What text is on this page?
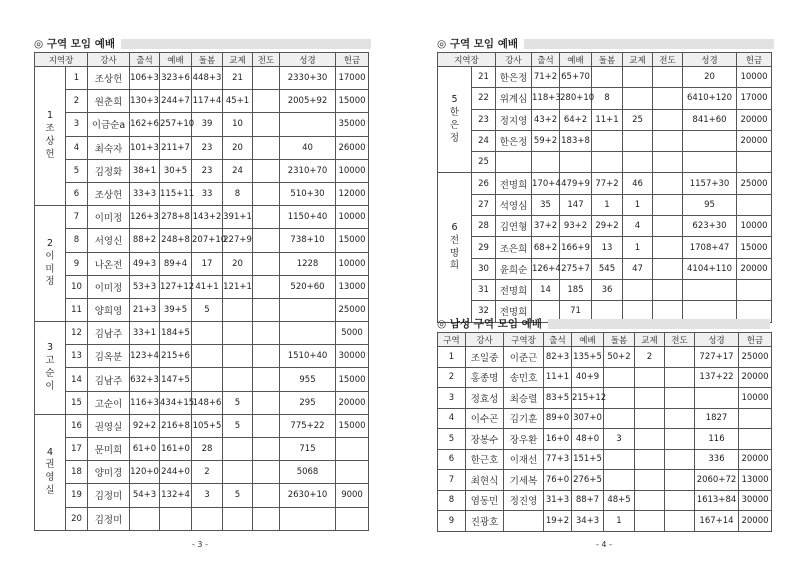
◎ 구역 모임 예배
지역장		강사	출석	예배	돌봄	교제	전도	성경	헌금

1
조
상
헌	1	조상헌	106+3	323+6	448+3	21		2330+30	17000
	2	원춘희	130+3	244+7	117+4	45+1		2005+92	15000
	3	이금순a	162+6	257+10	39	10			35000
	4	최숙자	101+3	211+7	23	20		40	26000
	5	김정화	38+1	30+5	23	24		2310+70	10000
	6	조상헌	33+3	115+11	33	8		510+30	12000

2
이
미
정	7	이미정	126+3	278+8	143+2	391+1		1150+40	10000
	8	서영신	88+2	248+8	207+10	227+9		738+10	15000
	9	나온전	49+3	89+4	17	20		1228	10000
	10	이미정	53+3	127+12	41+1	121+1		520+60	13000
	11	양희영	21+3	39+5	5				25000

3
고
순
이	12	김남주	33+1	184+5					5000
	13	김옥분	123+4	215+6				1510+40	30000
	14	김남주	632+3	147+5				955	15000
	15	고순이	116+3	434+15	148+6	5		295	20000

4
권
영
실	16	권영실	92+2	216+8	105+5	5		775+22	15000
	17	문미희	61+0	161+0	28			715	
	18	양미경	120+0	244+0	2			5068	
	19	김정미	54+3	132+4	3	5		2630+10	9000
	20	김정미							
- 3 -
◎ 구역 모임 예배
지역장		강사	출석	예배	돌봄	교제	전도	성경	헌금

5
한
은
정	21	한은정	71+2	65+70				20	10000
	22	위계심	118+3	280+10	8			6410+120	17000
	23	정지영	43+2	64+2	11+1	25		841+60	20000
	24	한은정	59+2	183+8					20000
	25								

6
전
명
희	26	전명희	170+4	479+9	77+2	46		1157+30	25000
	27	석영심	35	147	1	1		95	
	28	김연형	37+2	93+2	29+2	4		623+30	10000
	29	조은희	68+2	166+9	13	1		1708+47	15000
	30	윤희순	126+4	275+7	545	47		4104+110	20000
	31	전명희	14	185	36				
	32	전명희		71					
◎ 남성 구역 모임 예배
구역	강사	구역장	출석	예배	돌봄	교제	전도	성경	헌금
1	조일중	이준근	82+3	135+5	50+2	2		727+17	25000
2	홍종명	송민호	11+1	40+9				137+22	20000
3	정효성	최승렬	83+5	215+12					10000
4	이수곤	김기훈	89+0	307+0				1827	
5	장봉수	장우환	16+0	48+0	3			116	
6	한근호	이재선	77+3	151+5				336	20000
7	최현식	기세복	76+0	276+5				2060+72	13000
8	염동민	정진영	31+3	88+7	48+5			1613+84	30000
9	진광호		19+2	34+3	1			167+14	20000
- 4 -
